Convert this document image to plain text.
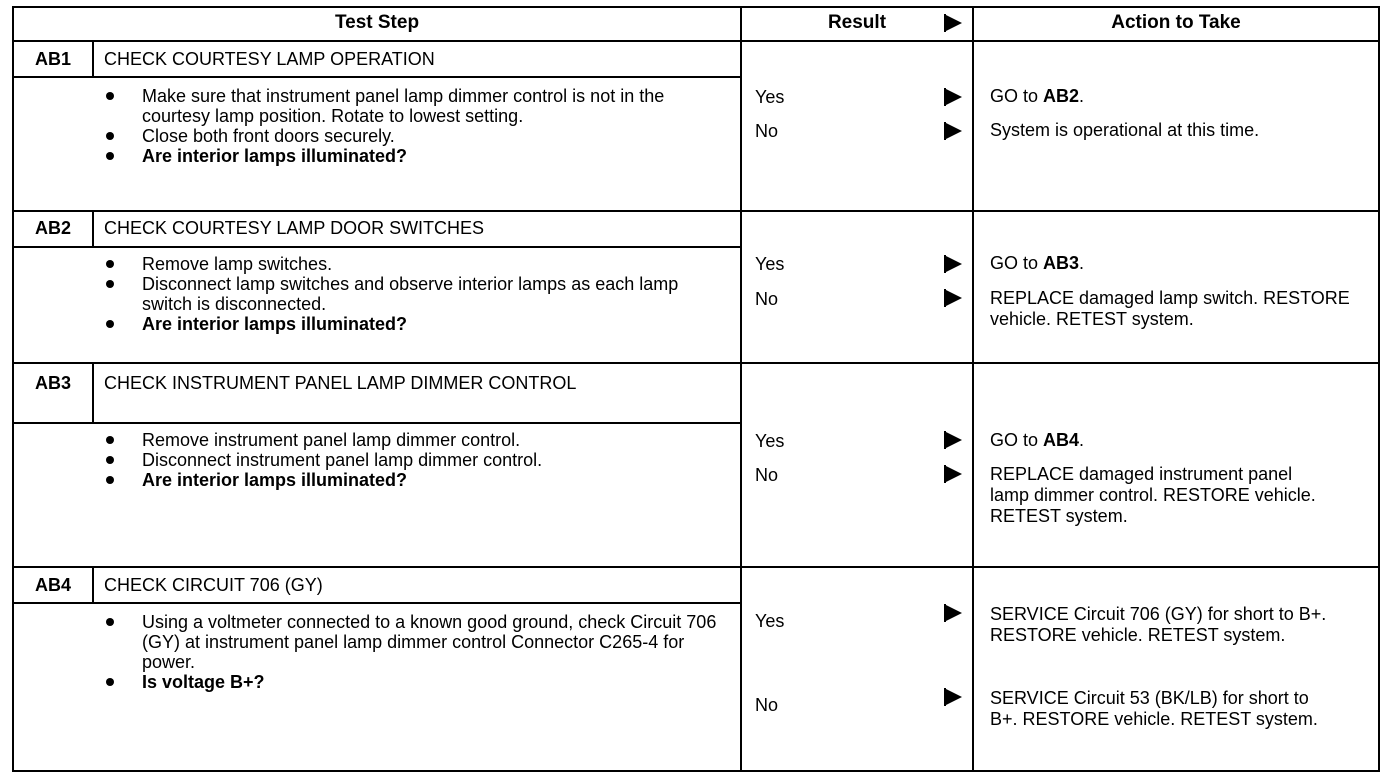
Test Step	Result	Action to Take
AB1	CHECK COURTESY LAMP OPERATION
Make sure that instrument panel lamp dimmer control is not in the courtesy lamp position. Rotate to lowest setting.
Close both front doors securely.
Are interior lamps illuminated?
Yes	GO to AB2.
No	System is operational at this time.
AB2	CHECK COURTESY LAMP DOOR SWITCHES
Remove lamp switches.
Disconnect lamp switches and observe interior lamps as each lamp switch is disconnected.
Are interior lamps illuminated?
Yes	GO to AB3.
No	REPLACE damaged lamp switch. RESTORE vehicle. RETEST system.
AB3	CHECK INSTRUMENT PANEL LAMP DIMMER CONTROL
Remove instrument panel lamp dimmer control.
Disconnect instrument panel lamp dimmer control.
Are interior lamps illuminated?
Yes	GO to AB4.
No	REPLACE damaged instrument panel lamp dimmer control. RESTORE vehicle. RETEST system.
AB4	CHECK CIRCUIT 706 (GY)
Using a voltmeter connected to a known good ground, check Circuit 706 (GY) at instrument panel lamp dimmer control Connector C265-4 for power.
Is voltage B+?
Yes	SERVICE Circuit 706 (GY) for short to B+. RESTORE vehicle. RETEST system.
No	SERVICE Circuit 53 (BK/LB) for short to B+. RESTORE vehicle. RETEST system.
